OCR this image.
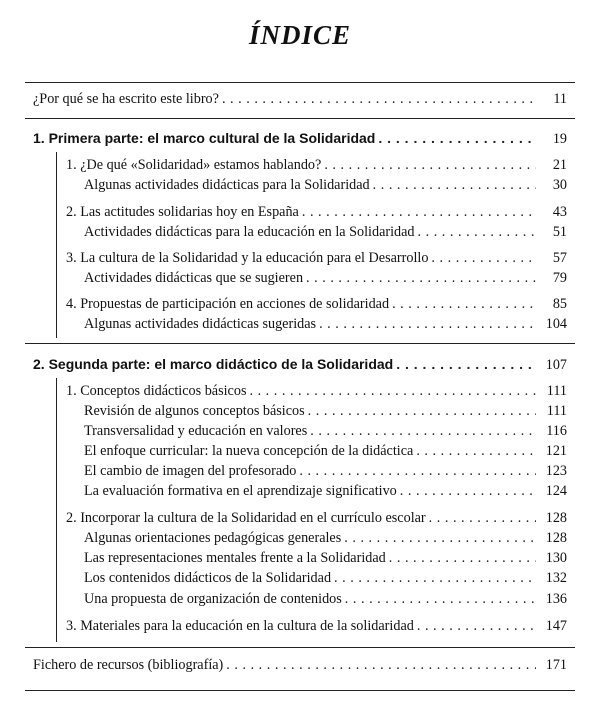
ÍNDICE
¿Por qué se ha escrito este libro? . . .	11
1. Primera parte: el marco cultural de la Solidaridad . . .	19
1. ¿De qué «Solidaridad» estamos hablando? . . .	21
Algunas actividades didácticas para la Solidaridad . . .	30
2. Las actitudes solidarias hoy en España . . .	43
Actividades didácticas para la educación en la Solidaridad . . .	51
3. La cultura de la Solidaridad y la educación para el Desarrollo . . .	57
Actividades didácticas que se sugieren . . .	79
4. Propuestas de participación en acciones de solidaridad . . .	85
Algunas actividades didácticas sugeridas . . .	104
2. Segunda parte: el marco didáctico de la Solidaridad . . .	107
1. Conceptos didácticos básicos . . .	111
Revisión de algunos conceptos básicos . . .	111
Transversalidad y educación en valores . . .	116
El enfoque curricular: la nueva concepción de la didáctica . . .	121
El cambio de imagen del profesorado . . .	123
La evaluación formativa en el aprendizaje significativo . . .	124
2. Incorporar la cultura de la Solidaridad en el currículo escolar . . .	128
Algunas orientaciones pedagógicas generales . . .	128
Las representaciones mentales frente a la Solidaridad . . .	130
Los contenidos didácticos de la Solidaridad . . .	132
Una propuesta de organización de contenidos . . .	136
3. Materiales para la educación en la cultura de la solidaridad . . .	147
Fichero de recursos (bibliografía) . . .	171
